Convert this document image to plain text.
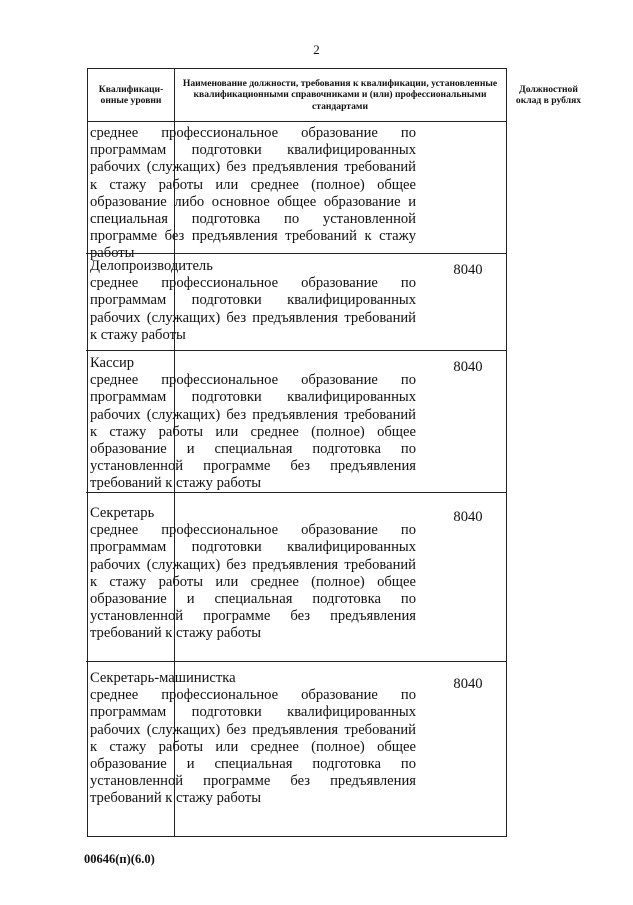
2
Квалификаци-
онные уровни
Наименование должности, требования к квалификации, установленные квалификационными справочниками и (или) профессиональными стандартами
Должностной оклад в рублях

среднее профессиональное образование по программам подготовки квалифицированных рабочих (служащих) без предъявления требований к стажу работы или среднее (полное) общее образование либо основное общее образование и специальная подготовка по установленной программе без предъявления требований к стажу работы

Делопроизводитель

среднее профессиональное образование по программам подготовки квалифицированных рабочих (служащих) без предъявления требований к стажу работы

8040

Кассир

среднее профессиональное образование по программам подготовки квалифицированных рабочих (служащих) без предъявления требований к стажу работы или среднее (полное) общее образование и специальная подготовка по установленной программе без предъявления требований к стажу работы

8040

Секретарь

среднее профессиональное образование по программам подготовки квалифицированных рабочих (служащих) без предъявления требований к стажу работы или среднее (полное) общее образование и специальная подготовка по установленной программе без предъявления требований к стажу работы

8040

Секретарь-машинистка

среднее профессиональное образование по программам подготовки квалифицированных рабочих (служащих) без предъявления требований к стажу работы или среднее (полное) общее образование и специальная подготовка по установленной программе без предъявления требований к стажу работы

8040
00646(п)(6.0)
